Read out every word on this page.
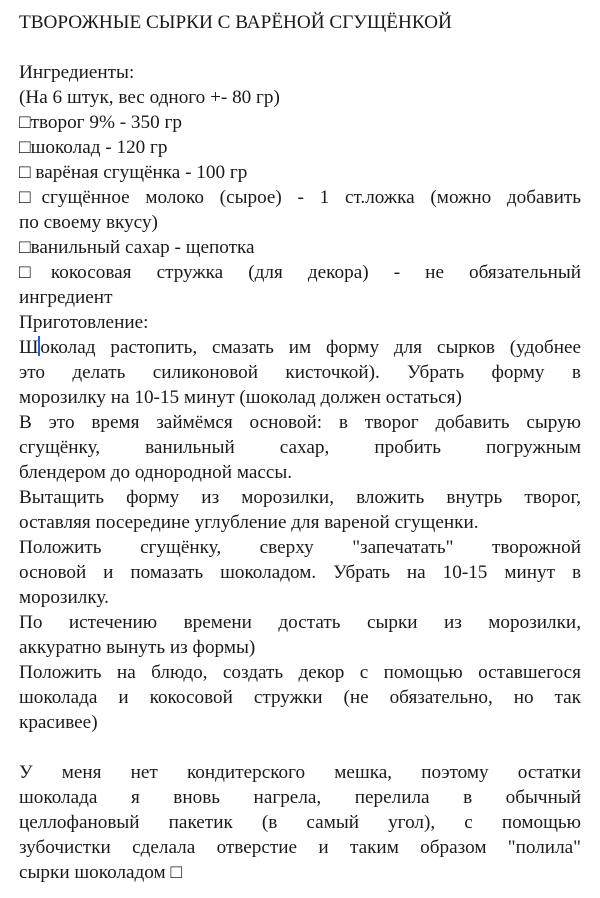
ТВОРОЖНЫЕ СЫРКИ С ВАРЁНОЙ СГУЩЁНКОЙ
Ингредиенты:
(На 6 штук, вес одного +- 80 гр)
□творог 9% - 350 гр
□шоколад - 120 гр
□ варёная сгущёнка - 100 гр
□сгущённое молоко (сырое) - 1 ст.ложка (можно добавить
по своему вкусу)
□ванильный сахар - щепотка
□кокосовая стружка (для декора) - не обязательный
ингредиент
Приготовление:
Ш околад растопить, смазать им форму для сырков (удобнее
это делать силиконовой кисточкой). Убрать форму в
морозилку на 10-15 минут (шоколад должен остаться)
В это время займёмся основой: в творог добавить сырую
сгущёнку, ванильный сахар, пробить погружным
блендером до однородной массы.
Вытащить форму из морозилки, вложить внутрь творог,
оставляя посередине углубление для вареной сгущенки.
Положить сгущёнку, сверху "запечатать" творожной
основой и помазать шоколадом. Убрать на 10-15 минут в
морозилку.
По истечению времени достать сырки из морозилки,
аккуратно вынуть из формы)
Положить на блюдо, создать декор с помощью оставшегося
шоколада и кокосовой стружки (не обязательно, но так
красивее)
У меня нет кондитерского мешка, поэтому остатки
шоколада я вновь нагрела, перелила в обычный
целлофановый пакетик (в самый угол), с помощью
зубочистки сделала отверстие и таким образом "полила"
сырки шоколадом □
